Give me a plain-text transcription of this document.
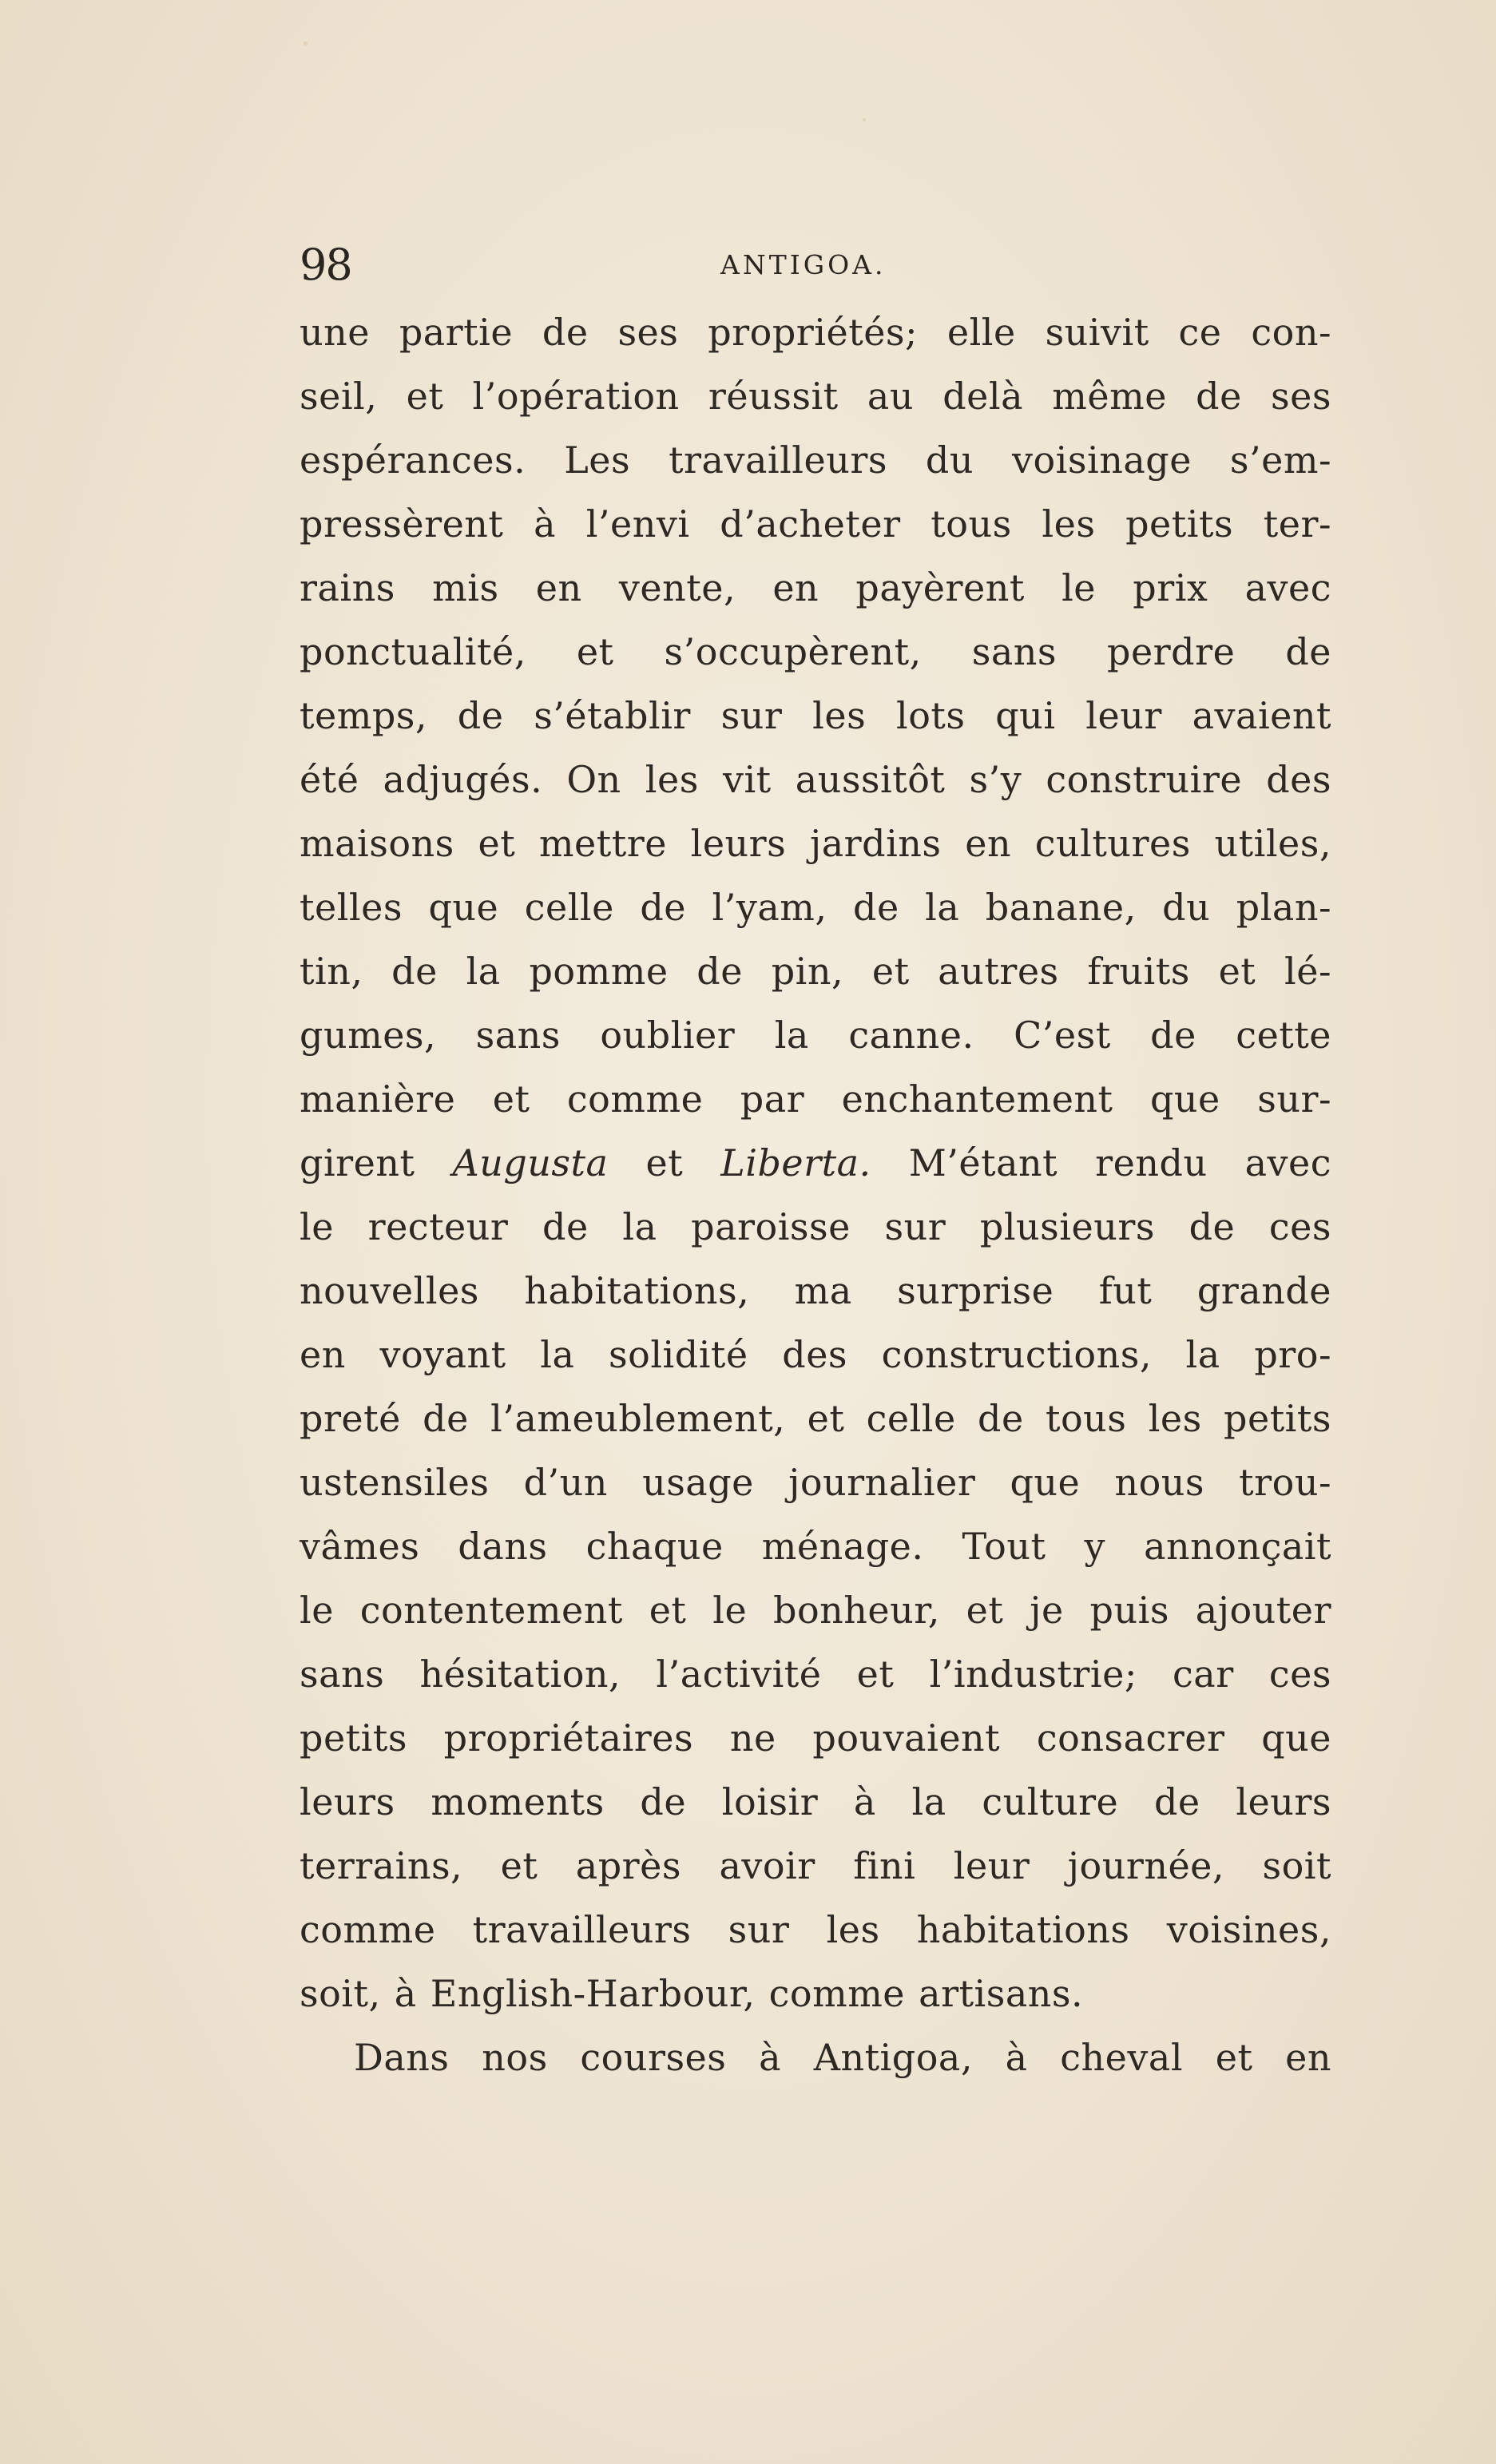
98	ANTIGOA.
une partie de ses propriétés; elle suivit ce con-
seil, et l’opération réussit au delà même de ses
espérances. Les travailleurs du voisinage s’em-
pressèrent à l’envi d’acheter tous les petits ter-
rains mis en vente, en payèrent le prix avec
ponctualité, et s’occupèrent, sans perdre de
temps, de s’établir sur les lots qui leur avaient
été adjugés. On les vit aussitôt s’y construire des
maisons et mettre leurs jardins en cultures utiles,
telles que celle de l’yam, de la banane, du plan-
tin, de la pomme de pin, et autres fruits et lé-
gumes, sans oublier la canne. C’est de cette
manière et comme par enchantement que sur-
girent Augusta et Liberta. M’étant rendu avec
le recteur de la paroisse sur plusieurs de ces
nouvelles habitations, ma surprise fut grande
en voyant la solidité des constructions, la pro-
preté de l’ameublement, et celle de tous les petits
ustensiles d’un usage journalier que nous trou-
vâmes dans chaque ménage. Tout y annonçait
le contentement et le bonheur, et je puis ajouter
sans hésitation, l’activité et l’industrie; car ces
petits propriétaires ne pouvaient consacrer que
leurs moments de loisir à la culture de leurs
terrains, et après avoir fini leur journée, soit
comme travailleurs sur les habitations voisines,
soit, à English-Harbour, comme artisans.
Dans nos courses à Antigoa, à cheval et en
